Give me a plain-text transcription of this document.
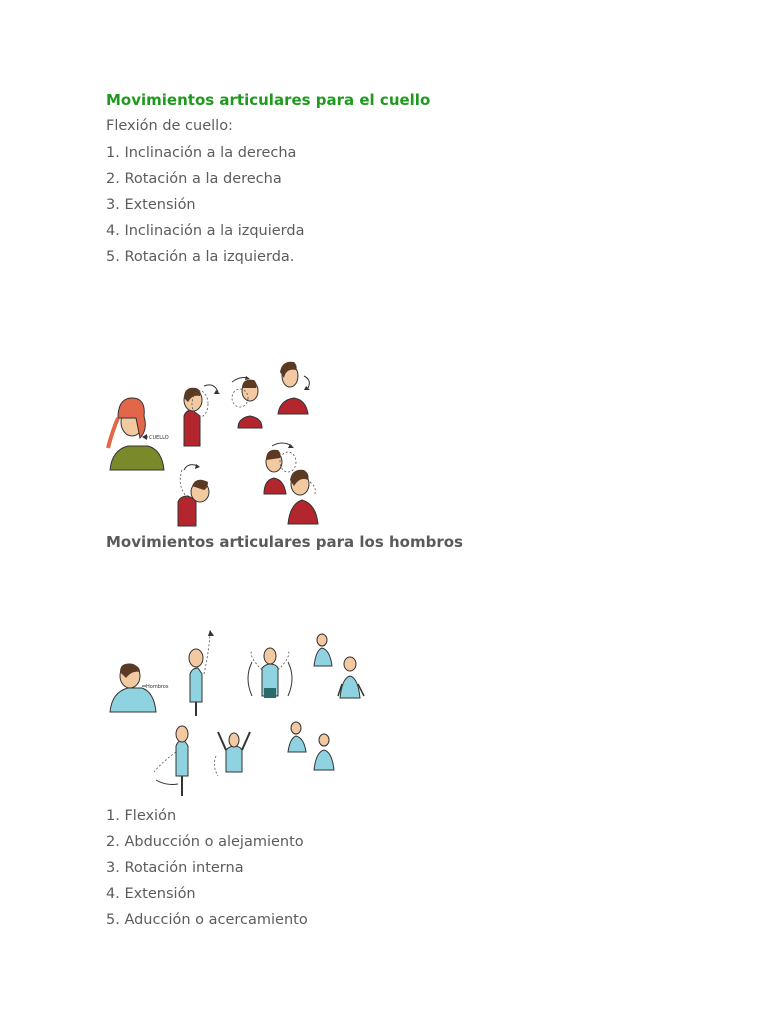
Movimientos articulares para el cuello

Flexión de cuello:

1. Inclinación a la derecha
2. Rotación a la derecha
3. Extensión
4. Inclinación a la izquierda
5. Rotación a la izquierda.
CUELLO
Movimientos articulares para los hombros
Hombros
1. Flexión
2. Abducción o alejamiento
3. Rotación interna
4. Extensión
5. Aducción o acercamiento
